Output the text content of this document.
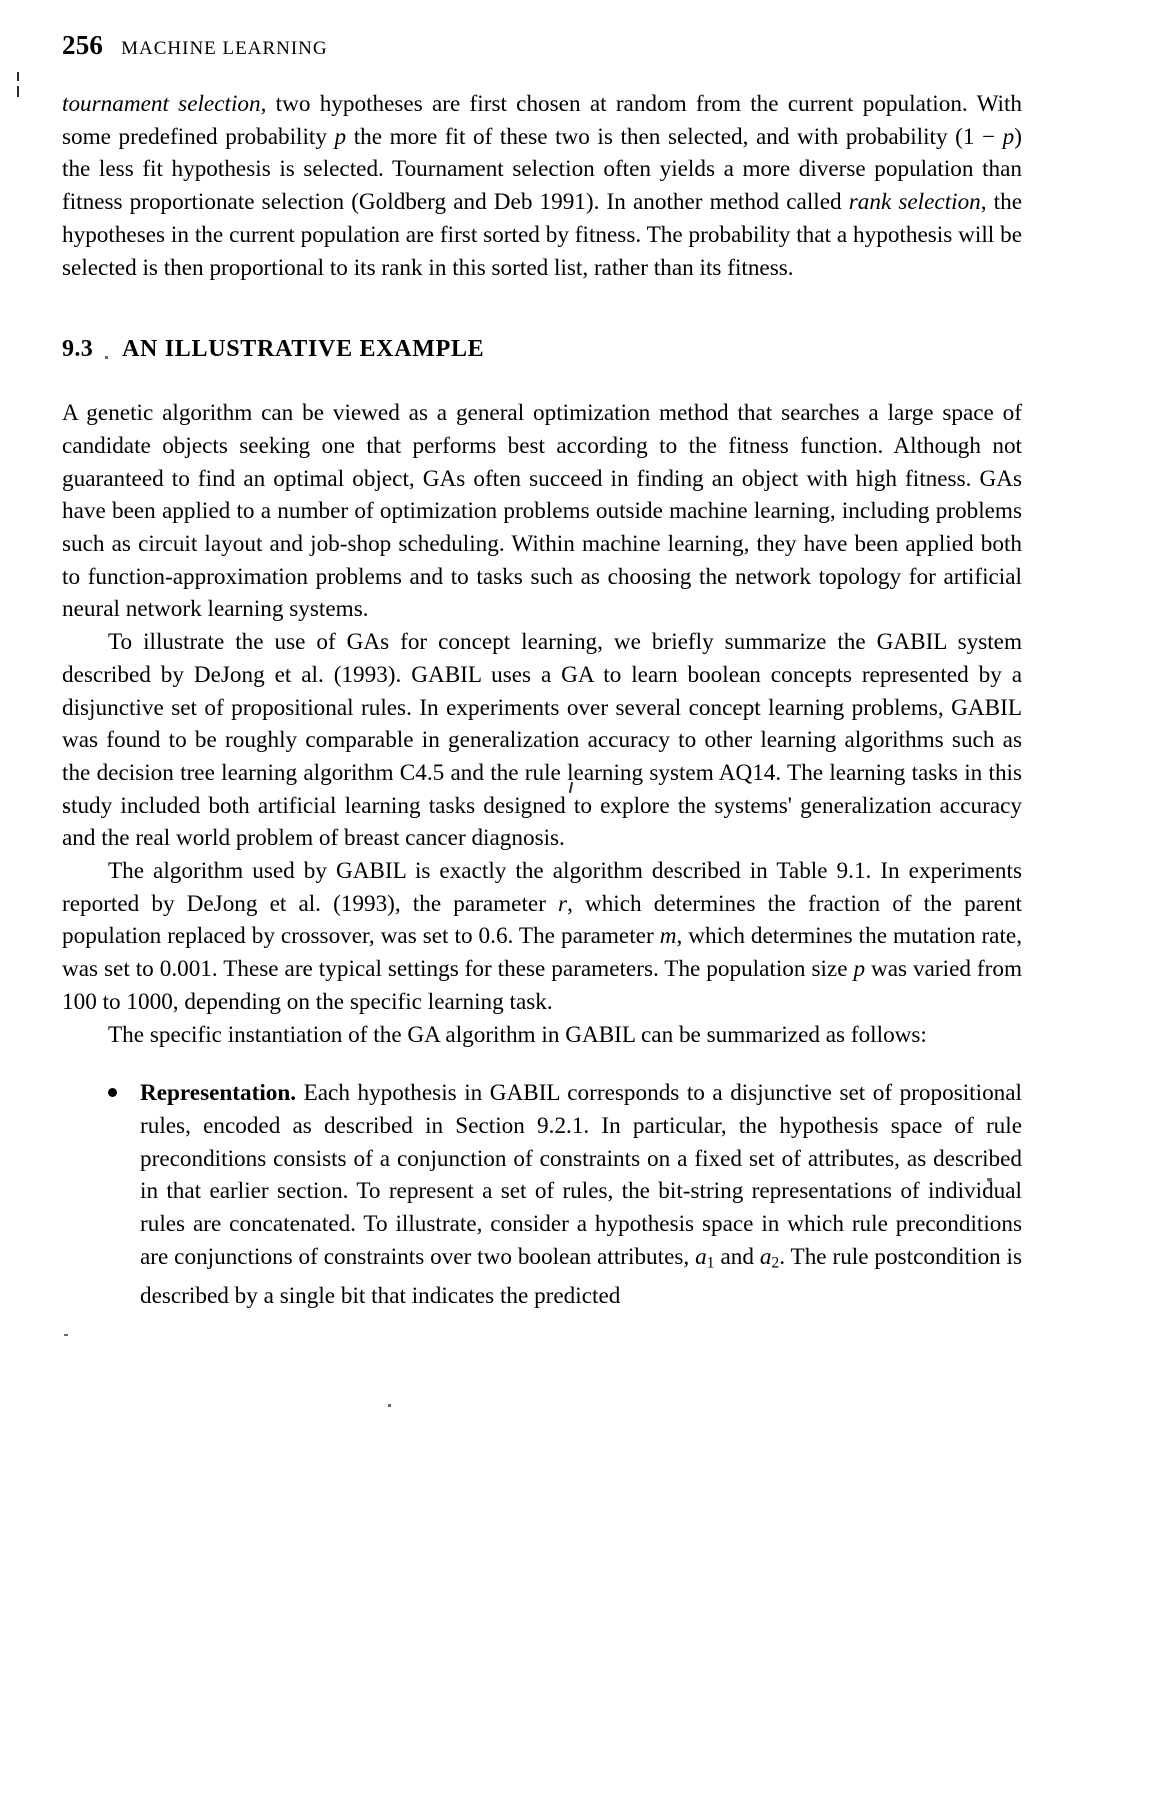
256 MACHINE LEARNING

tournament selection, two hypotheses are first chosen at random from the current population. With some predefined probability p the more fit of these two is then selected, and with probability (1 − p) the less fit hypothesis is selected. Tournament selection often yields a more diverse population than fitness proportionate selection (Goldberg and Deb 1991). In another method called rank selection, the hypotheses in the current population are first sorted by fitness. The probability that a hypothesis will be selected is then proportional to its rank in this sorted list, rather than its fitness.

9.3	AN ILLUSTRATIVE EXAMPLE

A genetic algorithm can be viewed as a general optimization method that searches a large space of candidate objects seeking one that performs best according to the fitness function. Although not guaranteed to find an optimal object, GAs often succeed in finding an object with high fitness. GAs have been applied to a number of optimization problems outside machine learning, including problems such as circuit layout and job-shop scheduling. Within machine learning, they have been applied both to function-approximation problems and to tasks such as choosing the network topology for artificial neural network learning systems.

To illustrate the use of GAs for concept learning, we briefly summarize the GABIL system described by DeJong et al. (1993). GABIL uses a GA to learn boolean concepts represented by a disjunctive set of propositional rules. In experiments over several concept learning problems, GABIL was found to be roughly comparable in generalization accuracy to other learning algorithms such as the decision tree learning algorithm C4.5 and the rule learning system AQ14. The learning tasks in this study included both artificial learning tasks designed to explore the systems' generalization accuracy and the real world problem of breast cancer diagnosis.

The algorithm used by GABIL is exactly the algorithm described in Table 9.1. In experiments reported by DeJong et al. (1993), the parameter r, which determines the fraction of the parent population replaced by crossover, was set to 0.6. The parameter m, which determines the mutation rate, was set to 0.001. These are typical settings for these parameters. The population size p was varied from 100 to 1000, depending on the specific learning task.

The specific instantiation of the GA algorithm in GABIL can be summarized as follows:

Representation. Each hypothesis in GABIL corresponds to a disjunctive set of propositional rules, encoded as described in Section 9.2.1. In particular, the hypothesis space of rule preconditions consists of a conjunction of constraints on a fixed set of attributes, as described in that earlier section. To represent a set of rules, the bit-string representations of individual rules are concatenated. To illustrate, consider a hypothesis space in which rule preconditions are conjunctions of constraints over two boolean attributes, $a_1$ and $a_2$. The rule postcondition is described by a single bit that indicates the predicted
